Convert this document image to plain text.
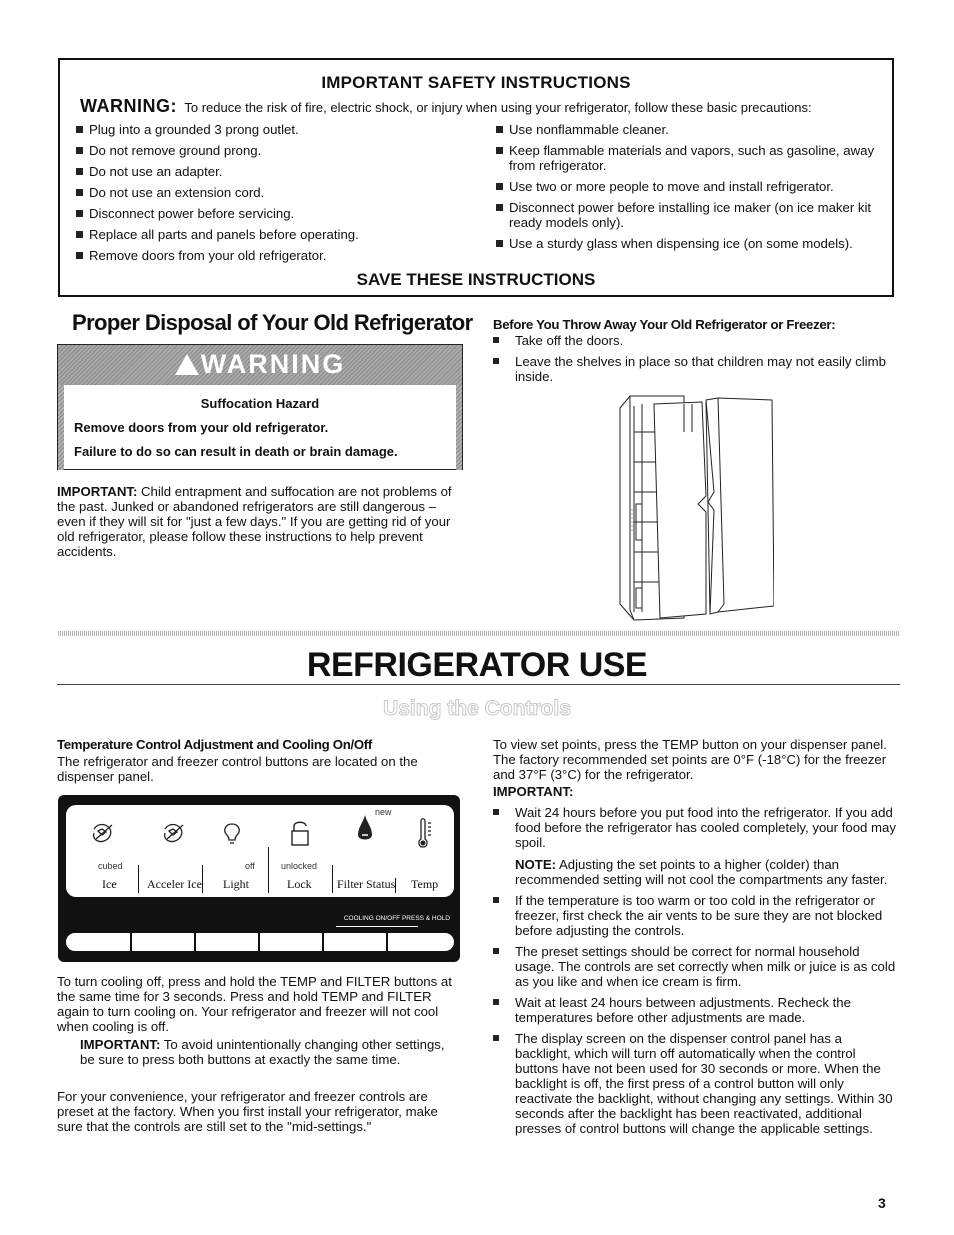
IMPORTANT SAFETY INSTRUCTIONS
WARNING: To reduce the risk of fire, electric shock, or injury when using your refrigerator, follow these basic precautions:
Plug into a grounded 3 prong outlet.
Do not remove ground prong.
Do not use an adapter.
Do not use an extension cord.
Disconnect power before servicing.
Replace all parts and panels before operating.
Remove doors from your old refrigerator.
Use nonflammable cleaner.
Keep flammable materials and vapors, such as gasoline, away from refrigerator.
Use two or more people to move and install refrigerator.
Disconnect power before installing ice maker (on ice maker kit ready models only).
Use a sturdy glass when dispensing ice (on some models).
SAVE THESE INSTRUCTIONS
Proper Disposal of Your Old Refrigerator
WARNING
Suffocation Hazard
Remove doors from your old refrigerator.
Failure to do so can result in death or brain damage.

IMPORTANT: Child entrapment and suffocation are not problems of the past. Junked or abandoned refrigerators are still dangerous – even if they will sit for "just a few days." If you are getting rid of your old refrigerator, please follow these instructions to help prevent accidents.

Before You Throw Away Your Old Refrigerator or Freezer:
Take off the doors.
Leave the shelves in place so that children may not easily climb inside.
REFRIGERATOR USE
Using the Controls
Temperature Control Adjustment and Cooling On/Off

The refrigerator and freezer control buttons are located on the dispenser panel.

cubed
Ice	Acceler Ice
off
Light
unlocked
Lock
new
Filter Status Temp
COOLING ON/OFF PRESS & HOLD

To turn cooling off, press and hold the TEMP and FILTER buttons at the same time for 3 seconds. Press and hold TEMP and FILTER again to turn cooling on. Your refrigerator and freezer will not cool when cooling is off.

IMPORTANT: To avoid unintentionally changing other settings, be sure to press both buttons at exactly the same time.

For your convenience, your refrigerator and freezer controls are preset at the factory. When you first install your refrigerator, make sure that the controls are still set to the "mid-settings."

To view set points, press the TEMP button on your dispenser panel. The factory recommended set points are 0°F (-18°C) for the freezer and 37°F (3°C) for the refrigerator.

IMPORTANT:
Wait 24 hours before you put food into the refrigerator. If you add food before the refrigerator has cooled completely, your food may spoil.
NOTE: Adjusting the set points to a higher (colder) than recommended setting will not cool the compartments any faster.
If the temperature is too warm or too cold in the refrigerator or freezer, first check the air vents to be sure they are not blocked before adjusting the controls.
The preset settings should be correct for normal household usage. The controls are set correctly when milk or juice is as cold as you like and when ice cream is firm.
Wait at least 24 hours between adjustments. Recheck the temperatures before other adjustments are made.
The display screen on the dispenser control panel has a backlight, which will turn off automatically when the control buttons have not been used for 30 seconds or more. When the backlight is off, the first press of a control button will only reactivate the backlight, without changing any settings. Within 30 seconds after the backlight has been reactivated, additional presses of control buttons will change the applicable settings.
3
